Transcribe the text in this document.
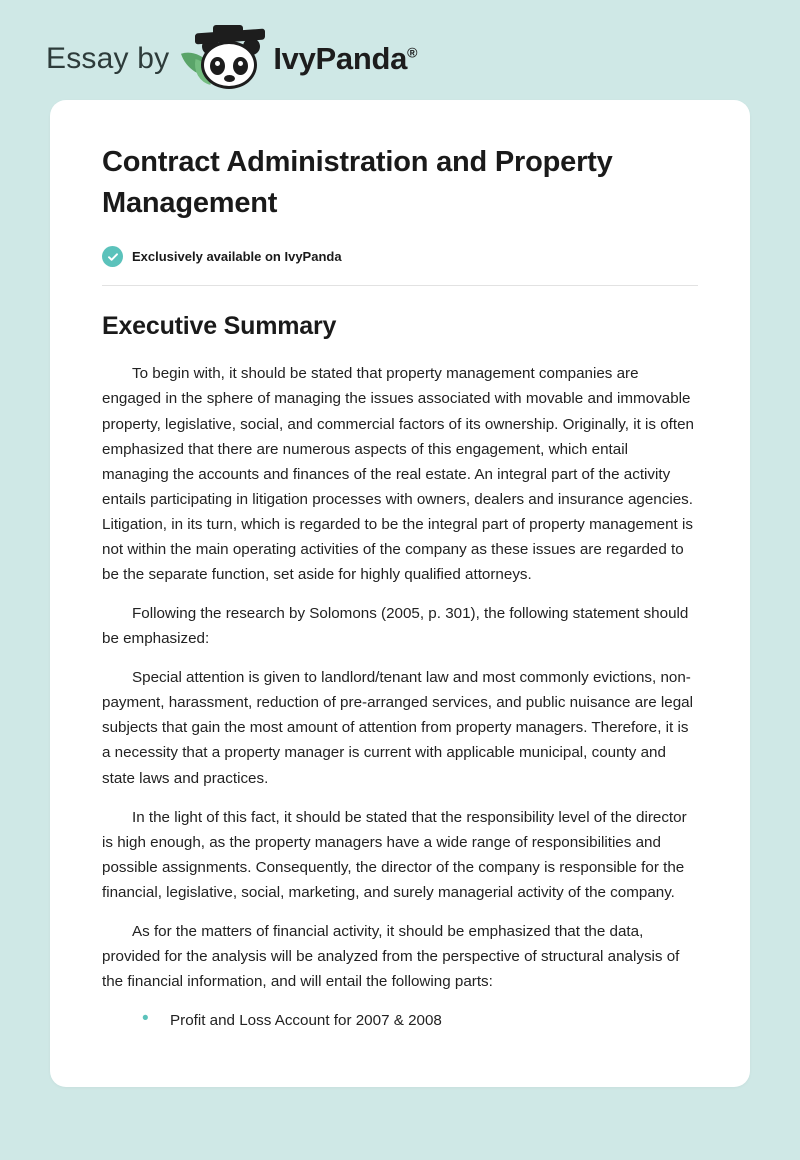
Essay by	IvyPanda®
Contract Administration and Property Management
Exclusively available on IvyPanda
Executive Summary

To begin with, it should be stated that property management companies are engaged in the sphere of managing the issues associated with movable and immovable property, legislative, social, and commercial factors of its ownership. Originally, it is often emphasized that there are numerous aspects of this engagement, which entail managing the accounts and finances of the real estate. An integral part of the activity entails participating in litigation processes with owners, dealers and insurance agencies. Litigation, in its turn, which is regarded to be the integral part of property management is not within the main operating activities of the company as these issues are regarded to be the separate function, set aside for highly qualified attorneys.

Following the research by Solomons (2005, p. 301), the following statement should be emphasized:

Special attention is given to landlord/tenant law and most commonly evictions, non-payment, harassment, reduction of pre-arranged services, and public nuisance are legal subjects that gain the most amount of attention from property managers. Therefore, it is a necessity that a property manager is current with applicable municipal, county and state laws and practices.

In the light of this fact, it should be stated that the responsibility level of the director is high enough, as the property managers have a wide range of responsibilities and possible assignments. Consequently, the director of the company is responsible for the financial, legislative, social, marketing, and surely managerial activity of the company.

As for the matters of financial activity, it should be emphasized that the data, provided for the analysis will be analyzed from the perspective of structural analysis of the financial information, and will entail the following parts:

• Profit and Loss Account for 2007 & 2008
